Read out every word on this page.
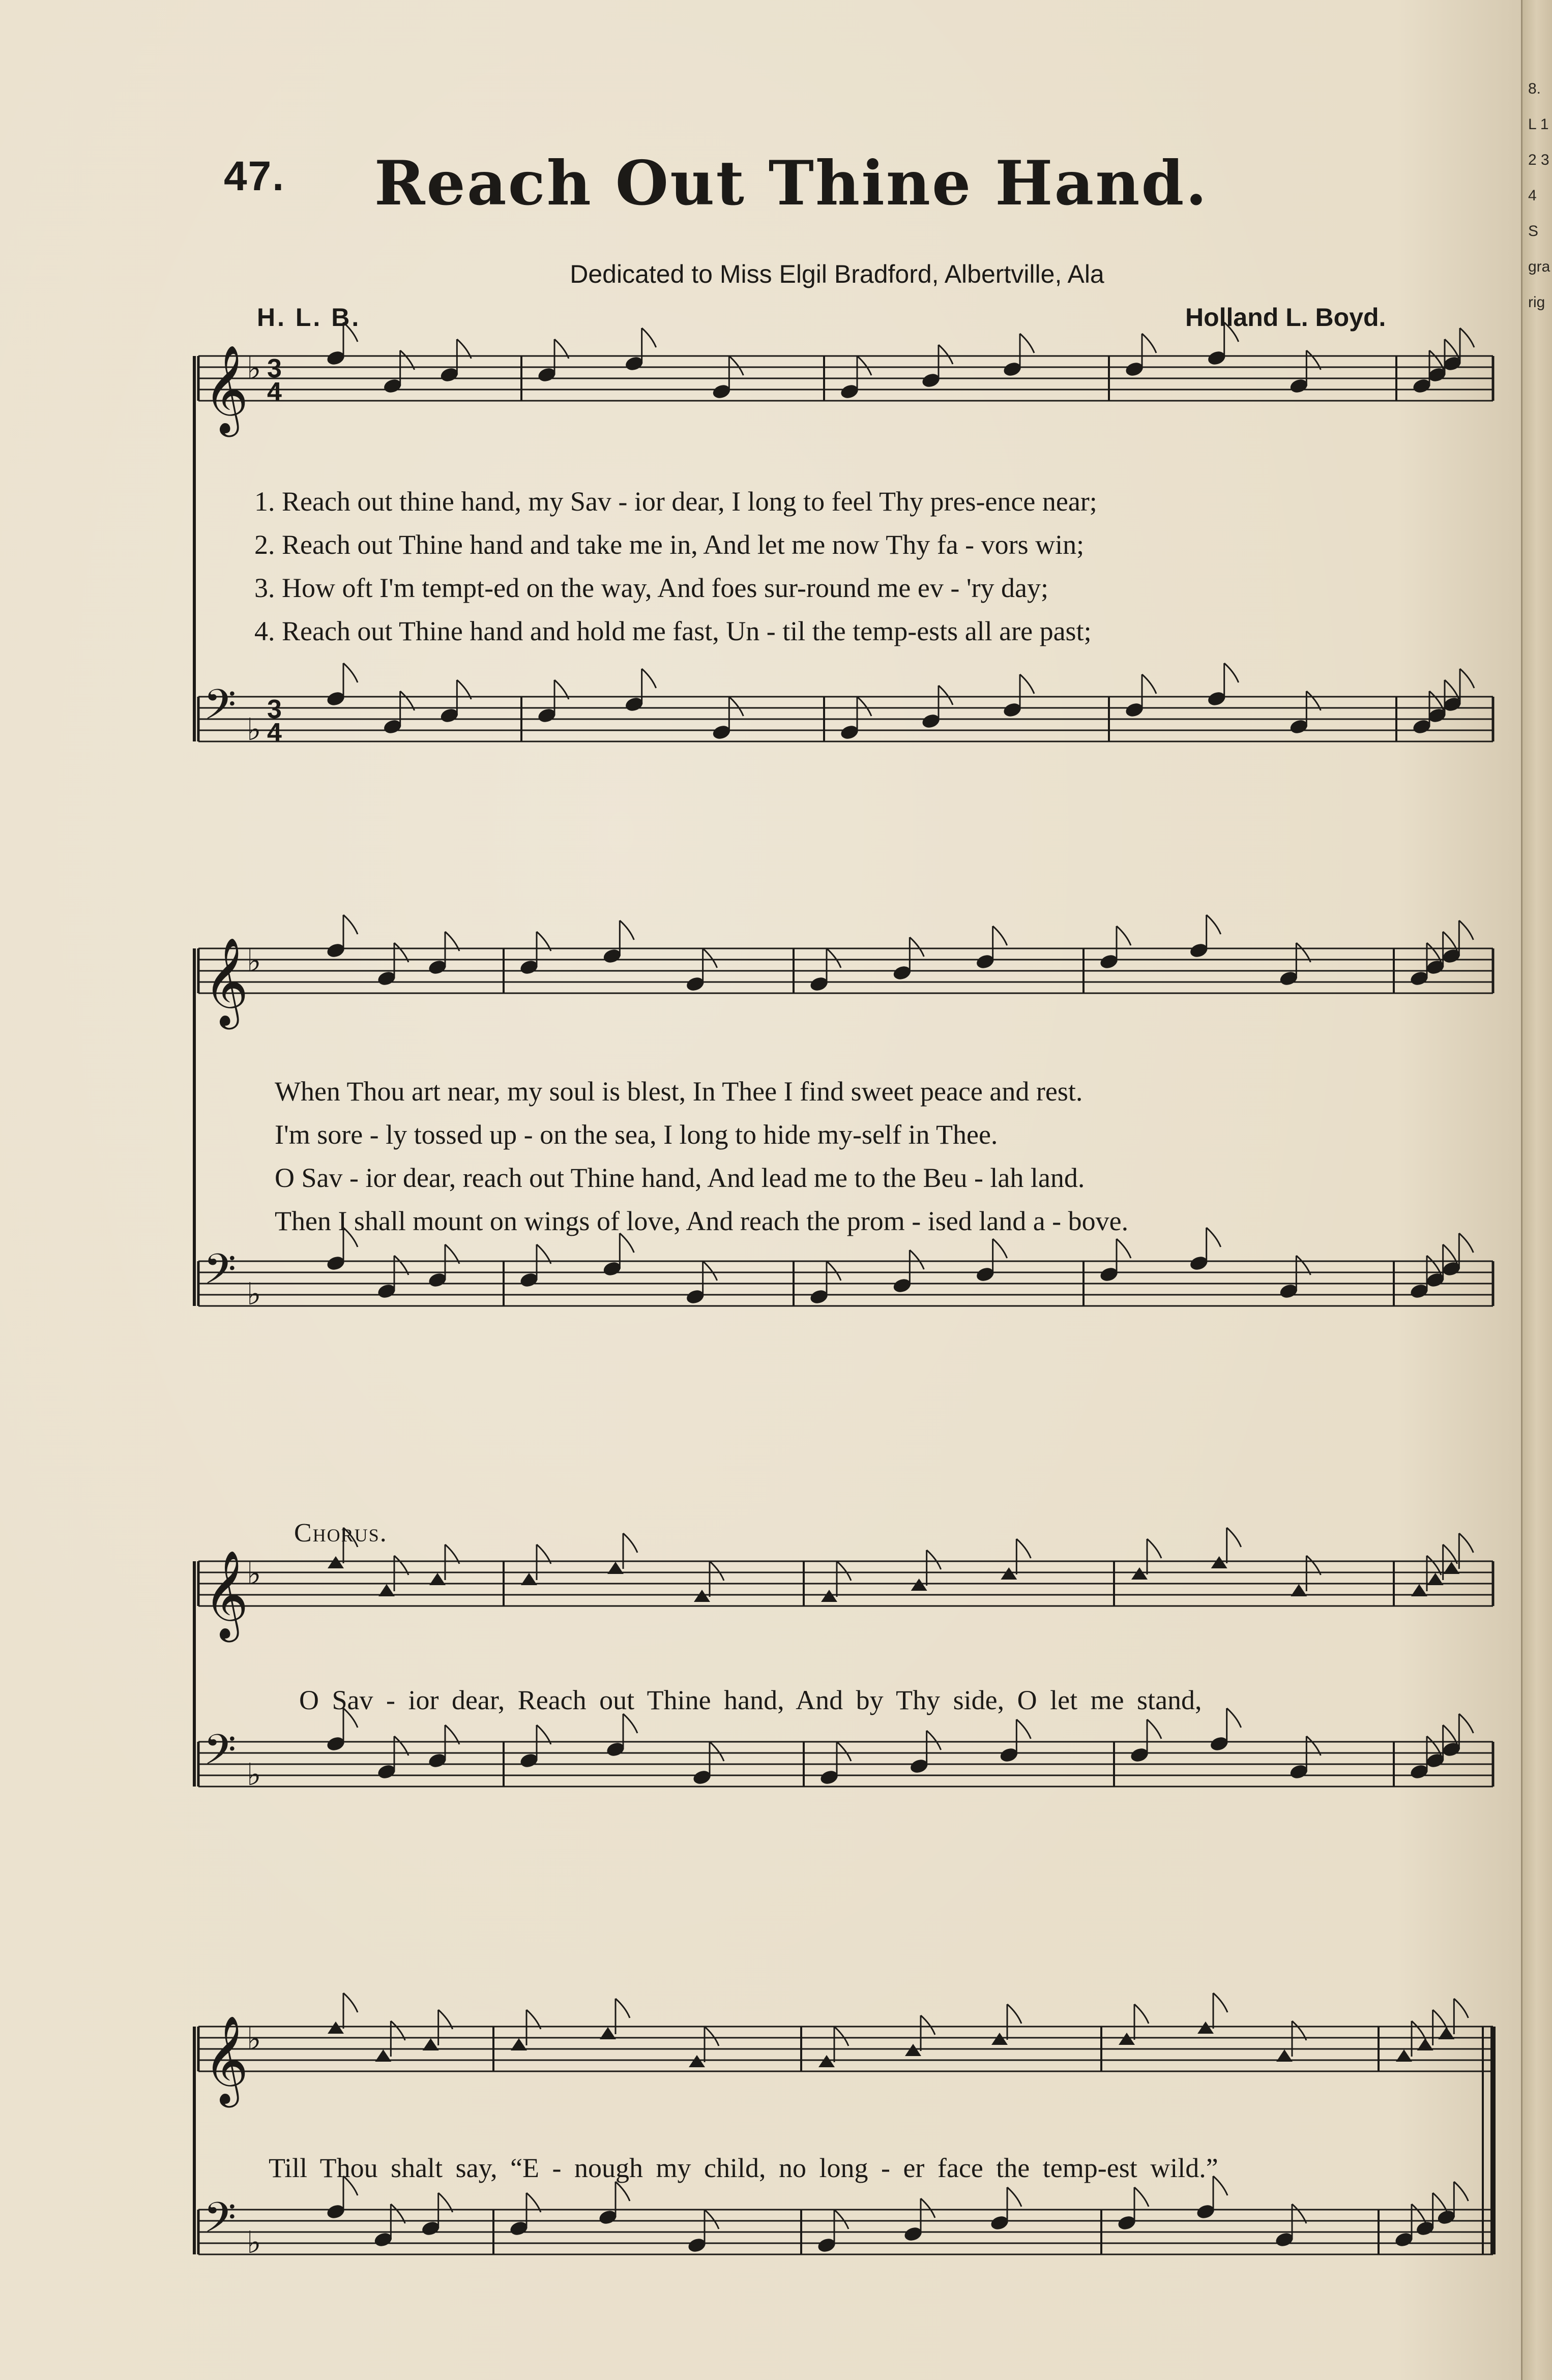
8. L 1 2 3 4 S gra rig
47.	Reach Out Thine Hand.
Dedicated to Miss Elgil Bradford, Albertville, Ala
H. L. B.	Holland L. Boyd.
𝄞
♭ 3
4
𝄢 ♭
3
4
𝄞
♭
𝄢 ♭
𝄞
♭
𝄢 ♭
𝄞
♭
𝄢 ♭
1. Reach out thine hand, my Sav - ior dear, I long to feel Thy pres-ence near;
2. Reach out Thine hand and take me in, And let me now Thy fa - vors win;
3. How oft I'm tempt-ed on the way, And foes sur-round me ev - 'ry day;
4. Reach out Thine hand and hold me fast, Un - til the temp-ests all are past;
When Thou art near, my soul is blest, In Thee I find sweet peace and rest.
I'm sore - ly tossed up - on the sea, I long to hide my-self in Thee.
O Sav - ior dear, reach out Thine hand, And lead me to the Beu - lah land.
Then I shall mount on wings of love, And reach the prom - ised land a - bove.
Chorus.
O Sav - ior dear, Reach out Thine hand, And by Thy side, O let me stand,
Till Thou shalt say, “E - nough my child, no long - er face the temp-est wild.”
